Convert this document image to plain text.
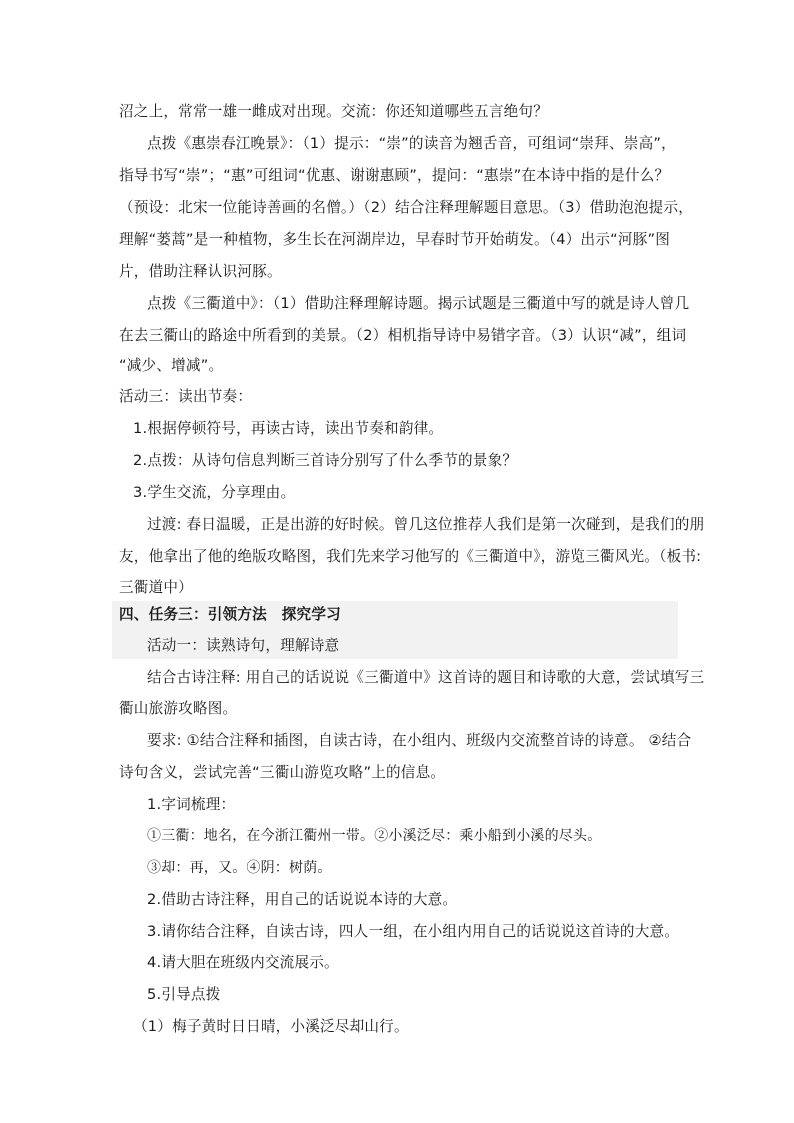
沼之上，常常一雄一雌成对出现。交流：你还知道哪些五言绝句？
点拨《惠崇春江晚景》：（1）提示：“崇”的读音为翘舌音，可组词“崇拜、崇高”，
指导书写“崇”；“惠”可组词“优惠、谢谢惠顾”，提问：“惠崇”在本诗中指的是什么？
（预设：北宋一位能诗善画的名僧。）（2）结合注释理解题目意思。（3）借助泡泡提示，
理解“蒌蒿”是一种植物，多生长在河湖岸边，早春时节开始萌发。（4）出示“河豚”图
片，借助注释认识河豚。
点拨《三衢道中》：（1）借助注释理解诗题。揭示试题是三衢道中写的就是诗人曾几
在去三衢山的路途中所看到的美景。（2）相机指导诗中易错字音。（3）认识“减”，组词
“减少、增减”。
活动三：读出节奏：
1.根据停顿符号，再读古诗，读出节奏和韵律。
2.点拨：从诗句信息判断三首诗分别写了什么季节的景象？
3.学生交流，分享理由。
过渡: 春日温暖，正是出游的好时候。曾几这位推荐人我们是第一次碰到，是我们的朋
友，他拿出了他的绝版攻略图，我们先来学习他写的《三衢道中》，游览三衢风光。（板书:
三衢道中）
四、任务三：引领方法　探究学习
活动一：读熟诗句，理解诗意
结合古诗注释: 用自己的话说说《三衢道中》这首诗的题目和诗歌的大意，尝试填写三
衢山旅游攻略图。
要求: ①结合注释和插图，自读古诗，在小组内、班级内交流整首诗的诗意。 ②结合
诗句含义，尝试完善“三衢山游览攻略”上的信息。
1.字词梳理：
①三衢：地名，在今浙江衢州一带。②小溪泛尽：乘小船到小溪的尽头。
③却：再，又。④阴：树荫。
2.借助古诗注释，用自己的话说说本诗的大意。
3.请你结合注释，自读古诗，四人一组，在小组内用自己的话说说这首诗的大意。
4.请大胆在班级内交流展示。
5.引导点拨
（1）梅子黄时日日晴，小溪泛尽却山行。
